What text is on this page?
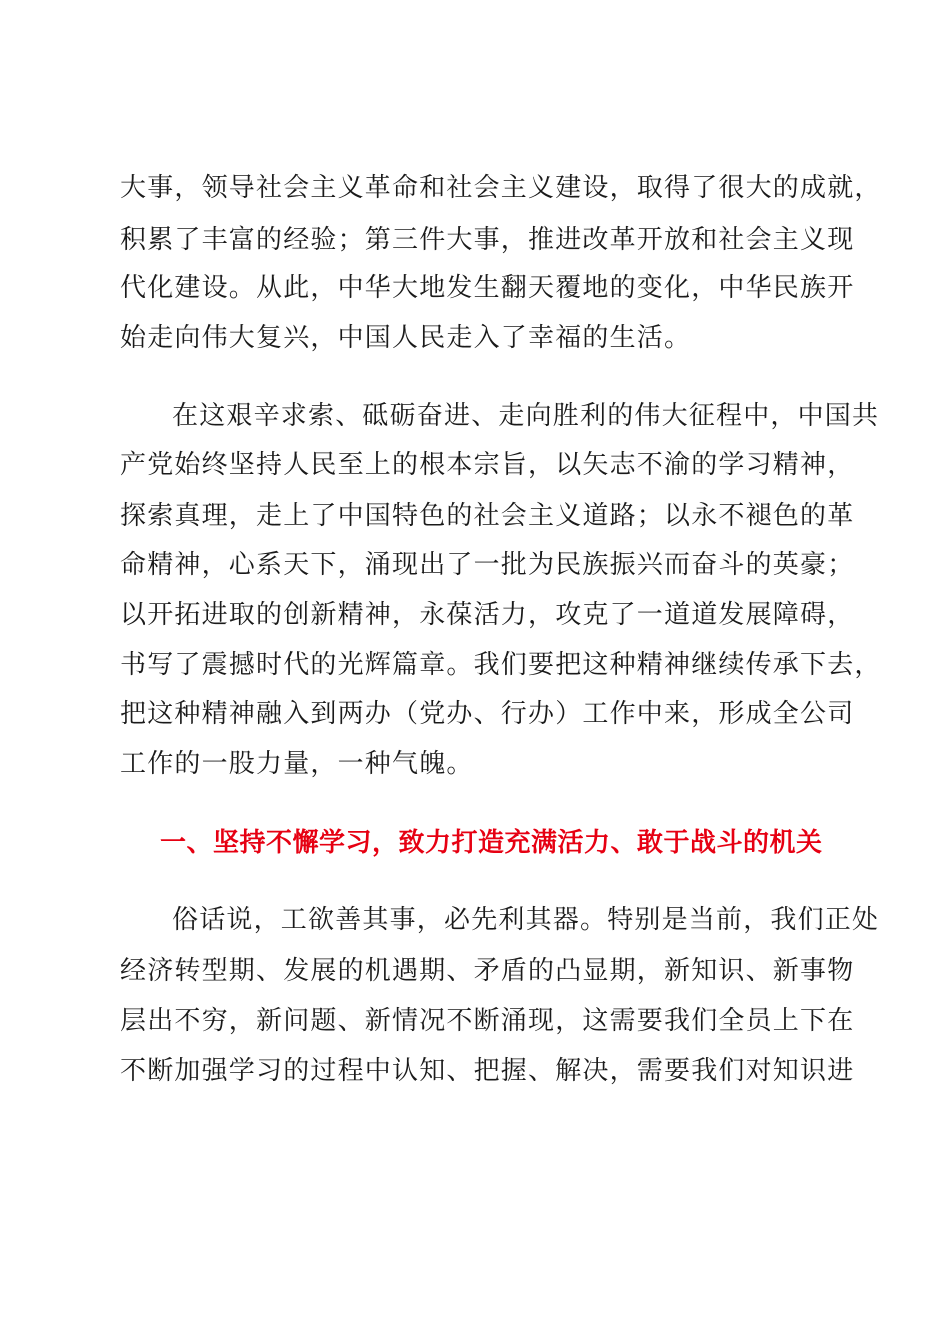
大事，领导社会主义革命和社会主义建设，取得了很大的成就，
积累了丰富的经验；第三件大事，推进改革开放和社会主义现
代化建设。从此，中华大地发生翻天覆地的变化，中华民族开
始走向伟大复兴，中国人民走入了幸福的生活。
在这艰辛求索、砥砺奋进、走向胜利的伟大征程中，中国共
产党始终坚持人民至上的根本宗旨，以矢志不渝的学习精神，
探索真理，走上了中国特色的社会主义道路；以永不褪色的革
命精神，心系天下，涌现出了一批为民族振兴而奋斗的英豪；
以开拓进取的创新精神，永葆活力，攻克了一道道发展障碍，
书写了震撼时代的光辉篇章。我们要把这种精神继续传承下去，
把这种精神融入到两办（党办、行办）工作中来，形成全公司
工作的一股力量，一种气魄。
一、坚持不懈学习，致力打造充满活力、敢于战斗的机关
俗话说，工欲善其事，必先利其器。特别是当前，我们正处
经济转型期、发展的机遇期、矛盾的凸显期，新知识、新事物
层出不穷，新问题、新情况不断涌现，这需要我们全员上下在
不断加强学习的过程中认知、把握、解决，需要我们对知识进
